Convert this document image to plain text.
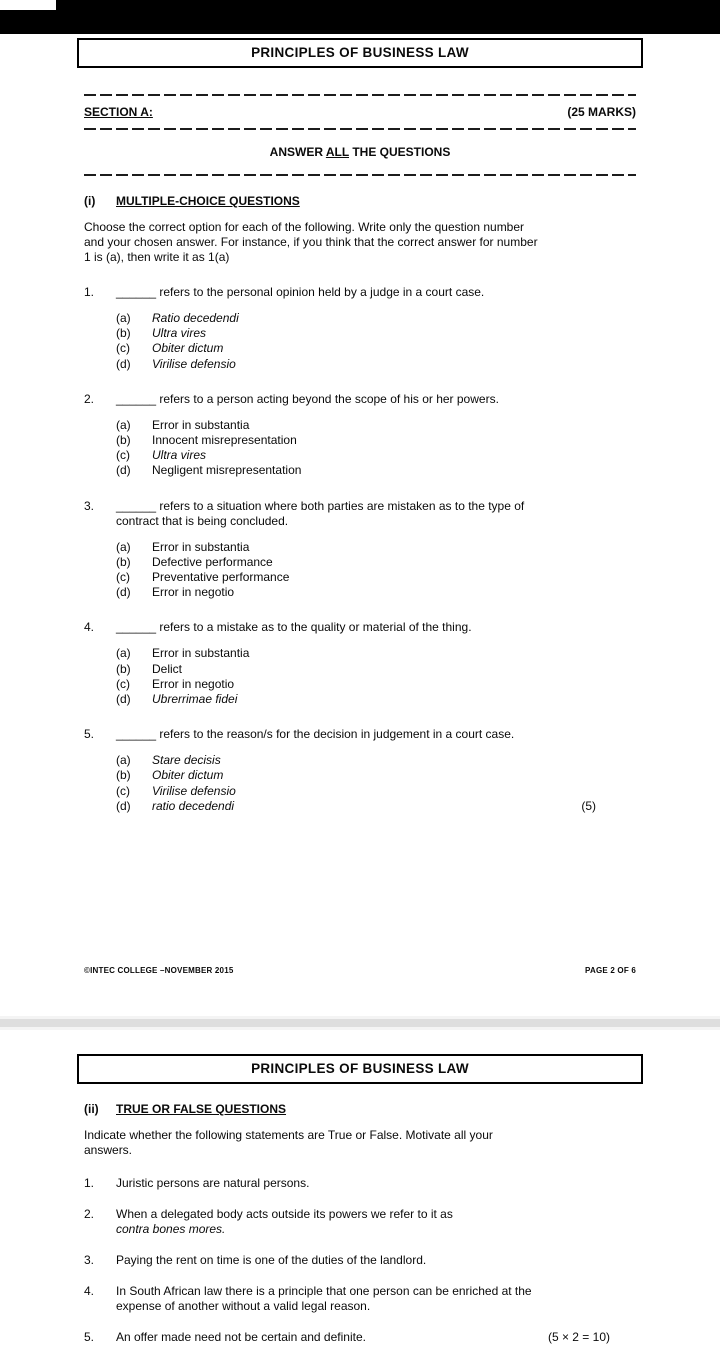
PRINCIPLES OF BUSINESS LAW
SECTION A:	(25 MARKS)
ANSWER ALL THE QUESTIONS
(i)	MULTIPLE-CHOICE QUESTIONS

Choose the correct option for each of the following. Write only the question number and your chosen answer. For instance, if you think that the correct answer for number 1 is (a), then write it as 1(a)

1.	______ refers to the personal opinion held by a judge in a court case.
(a)	Ratio decedendi
(b)	Ultra vires
(c)	Obiter dictum
(d)	Virilise defensio
2.	______ refers to a person acting beyond the scope of his or her powers.
(a)	Error in substantia
(b)	Innocent misrepresentation
(c)	Ultra vires
(d)	Negligent misrepresentation
3.	______ refers to a situation where both parties are mistaken as to the type of contract that is being concluded.
(a)	Error in substantia
(b)	Defective performance
(c)	Preventative performance
(d)	Error in negotio
4.	______ refers to a mistake as to the quality or material of the thing.
(a)	Error in substantia
(b)	Delict
(c)	Error in negotio
(d)	Ubrerrimae fidei
5.	______ refers to the reason/s for the decision in judgement in a court case.
(a)	Stare decisis
(b)	Obiter dictum
(c)	Virilise defensio
(d)	ratio decedendi	(5)
©INTEC COLLEGE –NOVEMBER 2015	PAGE 2 OF 6
PRINCIPLES OF BUSINESS LAW
(ii)	TRUE OR FALSE QUESTIONS

Indicate whether the following statements are True or False. Motivate all your answers.

1.	Juristic persons are natural persons.
2.	When a delegated body acts outside its powers we refer to it as
contra bones mores.
3.	Paying the rent on time is one of the duties of the landlord.
4.	In South African law there is a principle that one person can be enriched at the expense of another without a valid legal reason.
5.	An offer made need not be certain and definite.	(5 × 2 = 10)
